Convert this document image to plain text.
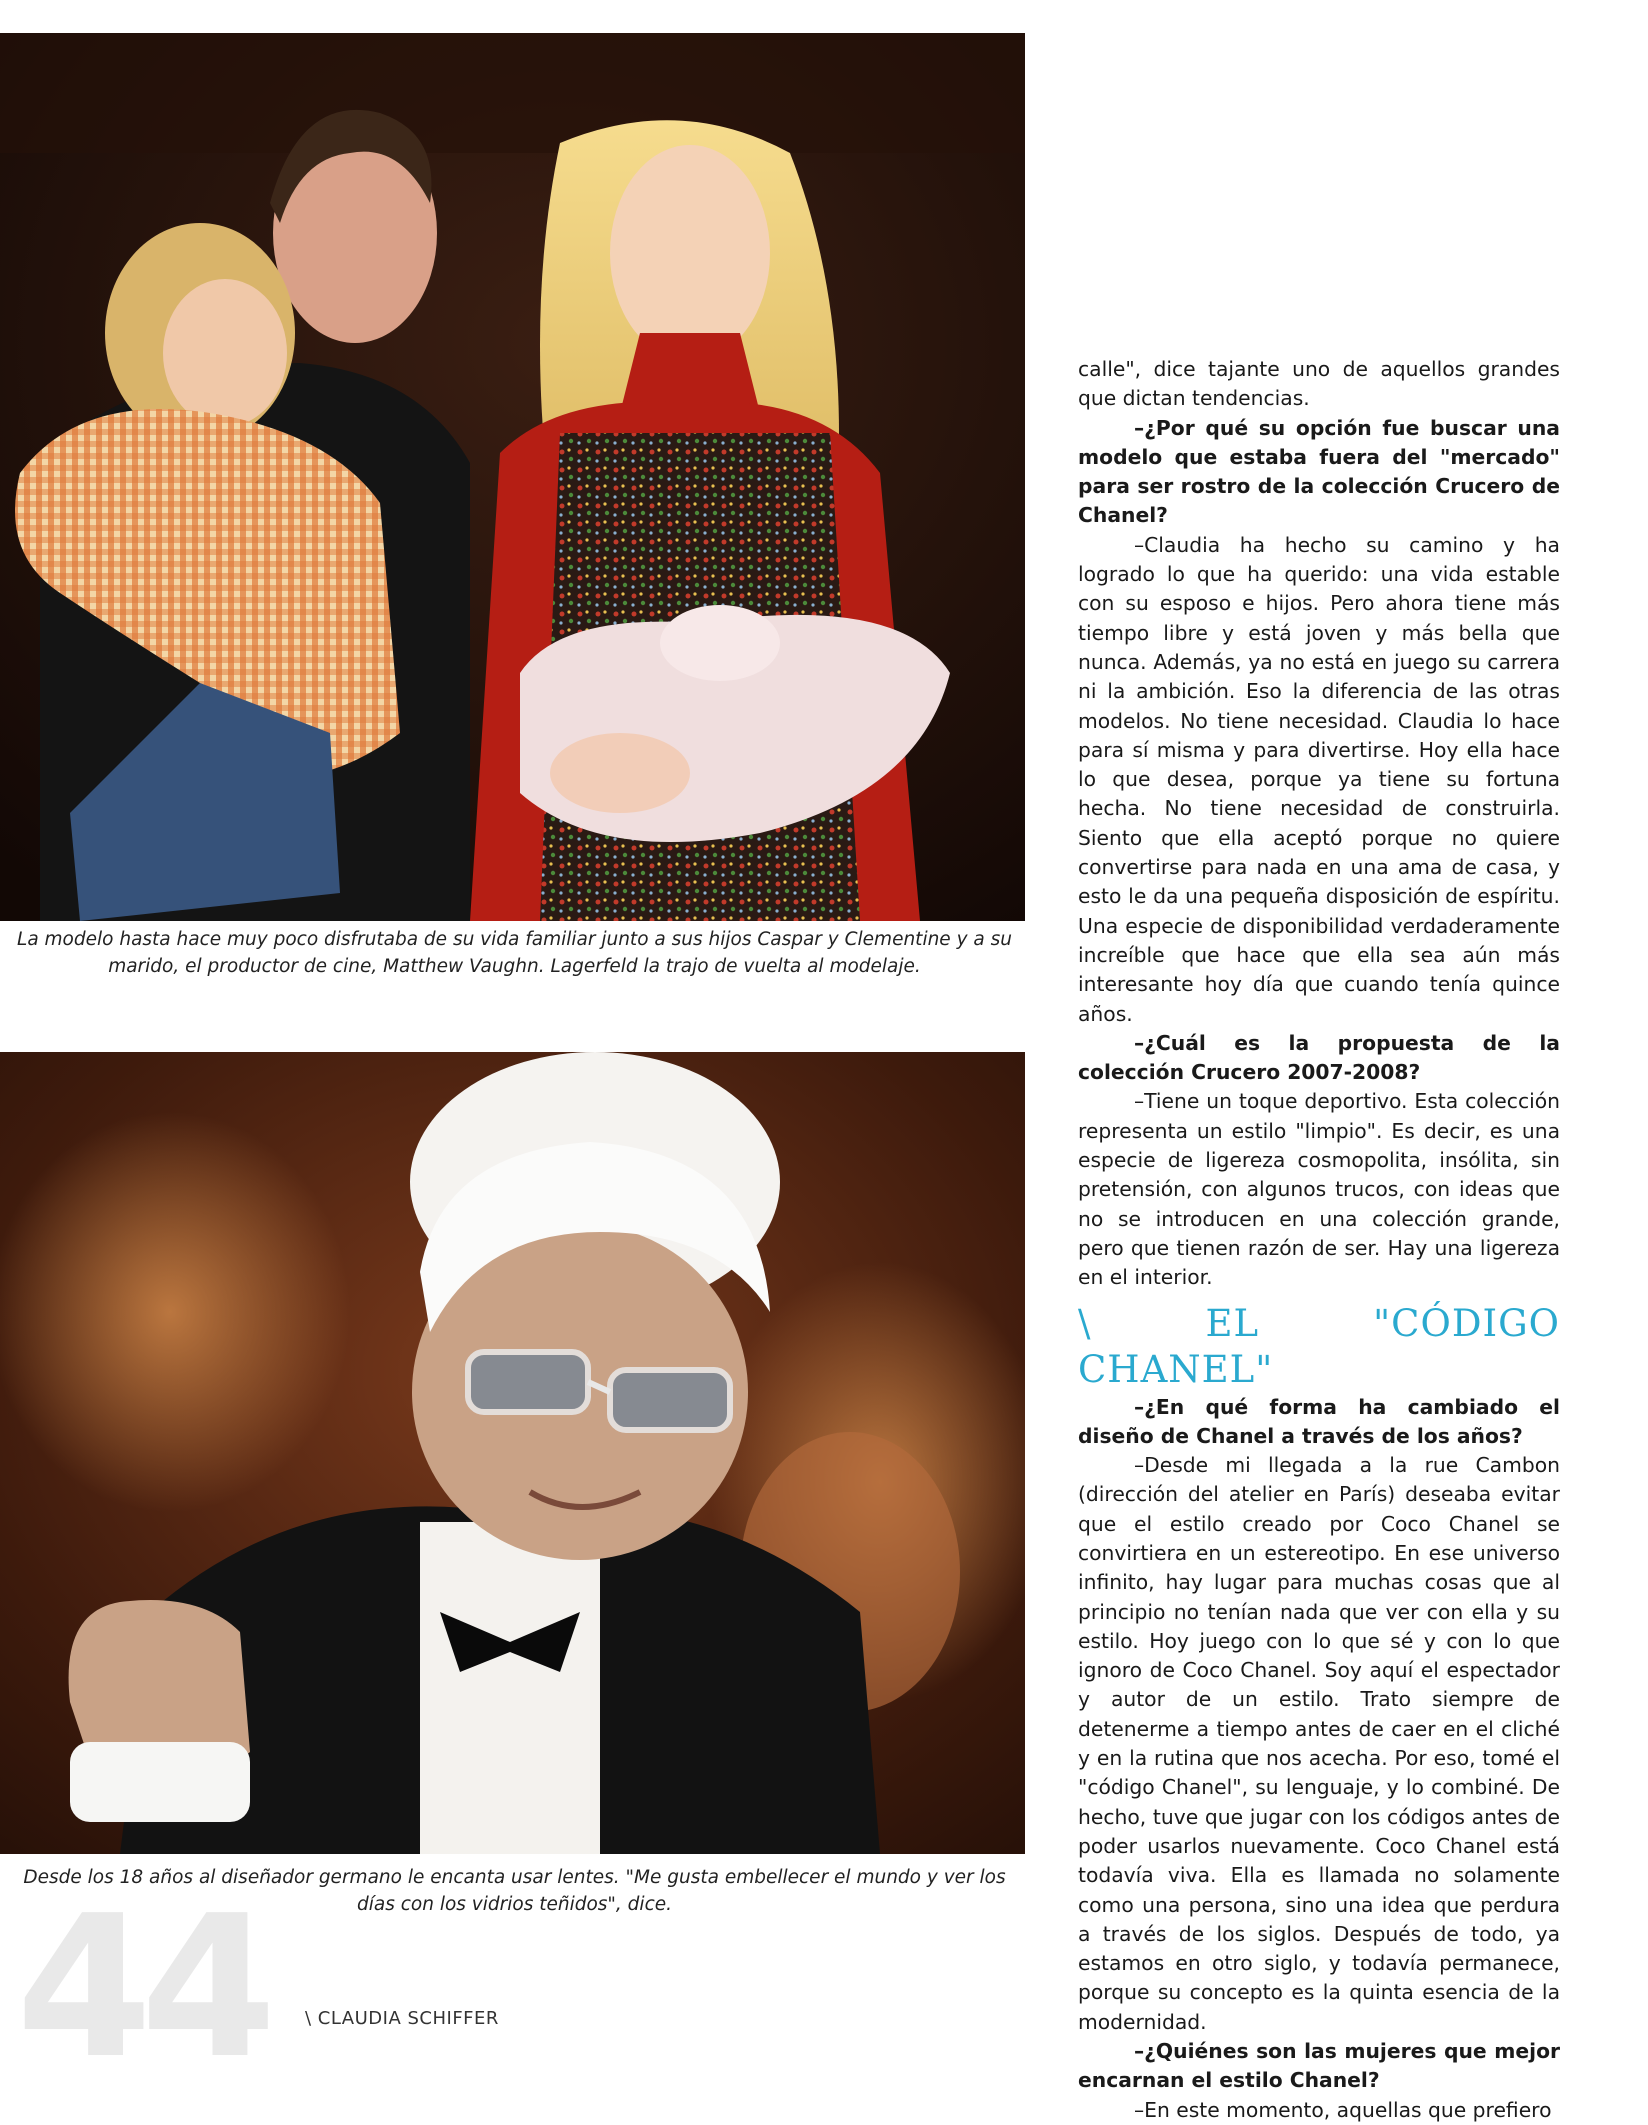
La modelo hasta hace muy poco disfrutaba de su vida familiar junto a sus hijos Caspar y Clementine y a su marido, el productor de cine, Matthew Vaughn. Lagerfeld la trajo de vuelta al modelaje.
Desde los 18 años al diseñador germano le encanta usar lentes. "Me gusta embellecer el mundo y ver los días con los vidrios teñidos", dice.
44	\ CLAUDIA SCHIFFER

calle", dice tajante uno de aquellos grandes que dictan tendencias.

–¿Por qué su opción fue buscar una modelo que estaba fuera del "mercado" para ser rostro de la colección Crucero de Chanel?

–Claudia ha hecho su camino y ha logrado lo que ha querido: una vida estable con su esposo e hijos. Pero ahora tiene más tiempo libre y está joven y más bella que nunca. Además, ya no está en juego su carrera ni la ambición. Eso la diferencia de las otras modelos. No tiene necesidad. Claudia lo hace para sí misma y para divertirse. Hoy ella hace lo que desea, porque ya tiene su fortuna hecha. No tiene necesidad de construirla. Siento que ella aceptó porque no quiere convertirse para nada en una ama de casa, y esto le da una pequeña disposición de espíritu. Una especie de disponibilidad verdaderamente increíble que hace que ella sea aún más interesante hoy día que cuando tenía quince años.

–¿Cuál es la propuesta de la colección Crucero 2007-2008?

–Tiene un toque deportivo. Esta colección representa un estilo "limpio". Es decir, es una especie de ligereza cosmopolita, insólita, sin pretensión, con algunos trucos, con ideas que no se introducen en una colección grande, pero que tienen razón de ser. Hay una ligereza en el interior.

\ EL "CÓDIGO CHANEL"

–¿En qué forma ha cambiado el diseño de Chanel a través de los años?

–Desde mi llegada a la rue Cambon (dirección del atelier en París) deseaba evitar que el estilo creado por Coco Chanel se convirtiera en un estereotipo. En ese universo infinito, hay lugar para muchas cosas que al principio no tenían nada que ver con ella y su estilo. Hoy juego con lo que sé y con lo que ignoro de Coco Chanel. Soy aquí el espectador y autor de un estilo. Trato siempre de detenerme a tiempo antes de caer en el cliché y en la rutina que nos acecha. Por eso, tomé el "código Chanel", su lenguaje, y lo combiné. De hecho, tuve que jugar con los códigos antes de poder usarlos nuevamente. Coco Chanel está todavía viva. Ella es llamada no solamente como una persona, sino una idea que perdura a través de los siglos. Después de todo, ya estamos en otro siglo, y todavía permanece, porque su concepto es la quinta esencia de la modernidad.

–¿Quiénes son las mujeres que mejor encarnan el estilo Chanel?

–En este momento, aquellas que prefiero
